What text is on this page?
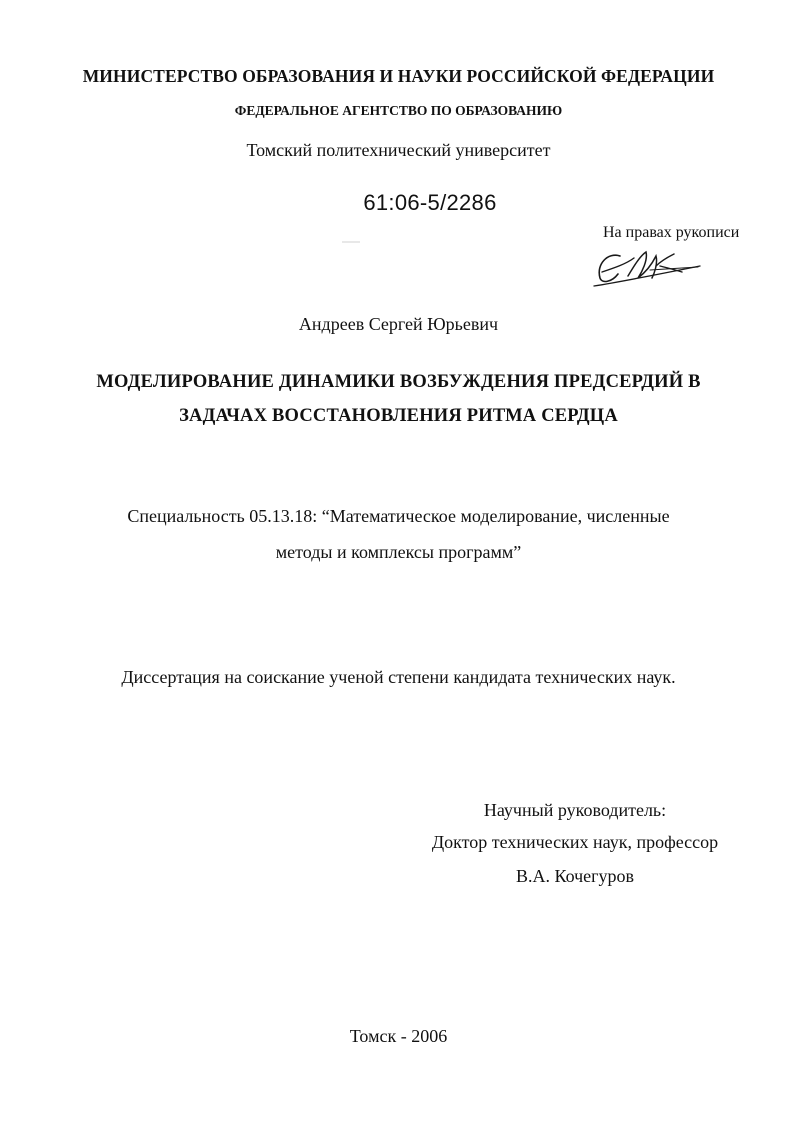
МИНИСТЕРСТВО ОБРАЗОВАНИЯ И НАУКИ РОССИЙСКОЙ ФЕДЕРАЦИИ
ФЕДЕРАЛЬНОЕ АГЕНТСТВО ПО ОБРАЗОВАНИЮ
Томский политехнический университет
61:06-5/2286
На правах рукописи
Андреев Сергей Юрьевич
МОДЕЛИРОВАНИЕ ДИНАМИКИ ВОЗБУЖДЕНИЯ ПРЕДСЕРДИЙ В
ЗАДАЧАХ ВОССТАНОВЛЕНИЯ РИТМА СЕРДЦА
Специальность 05.13.18: “Математическое моделирование, численные
методы и комплексы программ”
Диссертация на соискание ученой степени кандидата технических наук.
Научный руководитель:
Доктор технических наук, профессор
В.А. Кочегуров
Томск - 2006
